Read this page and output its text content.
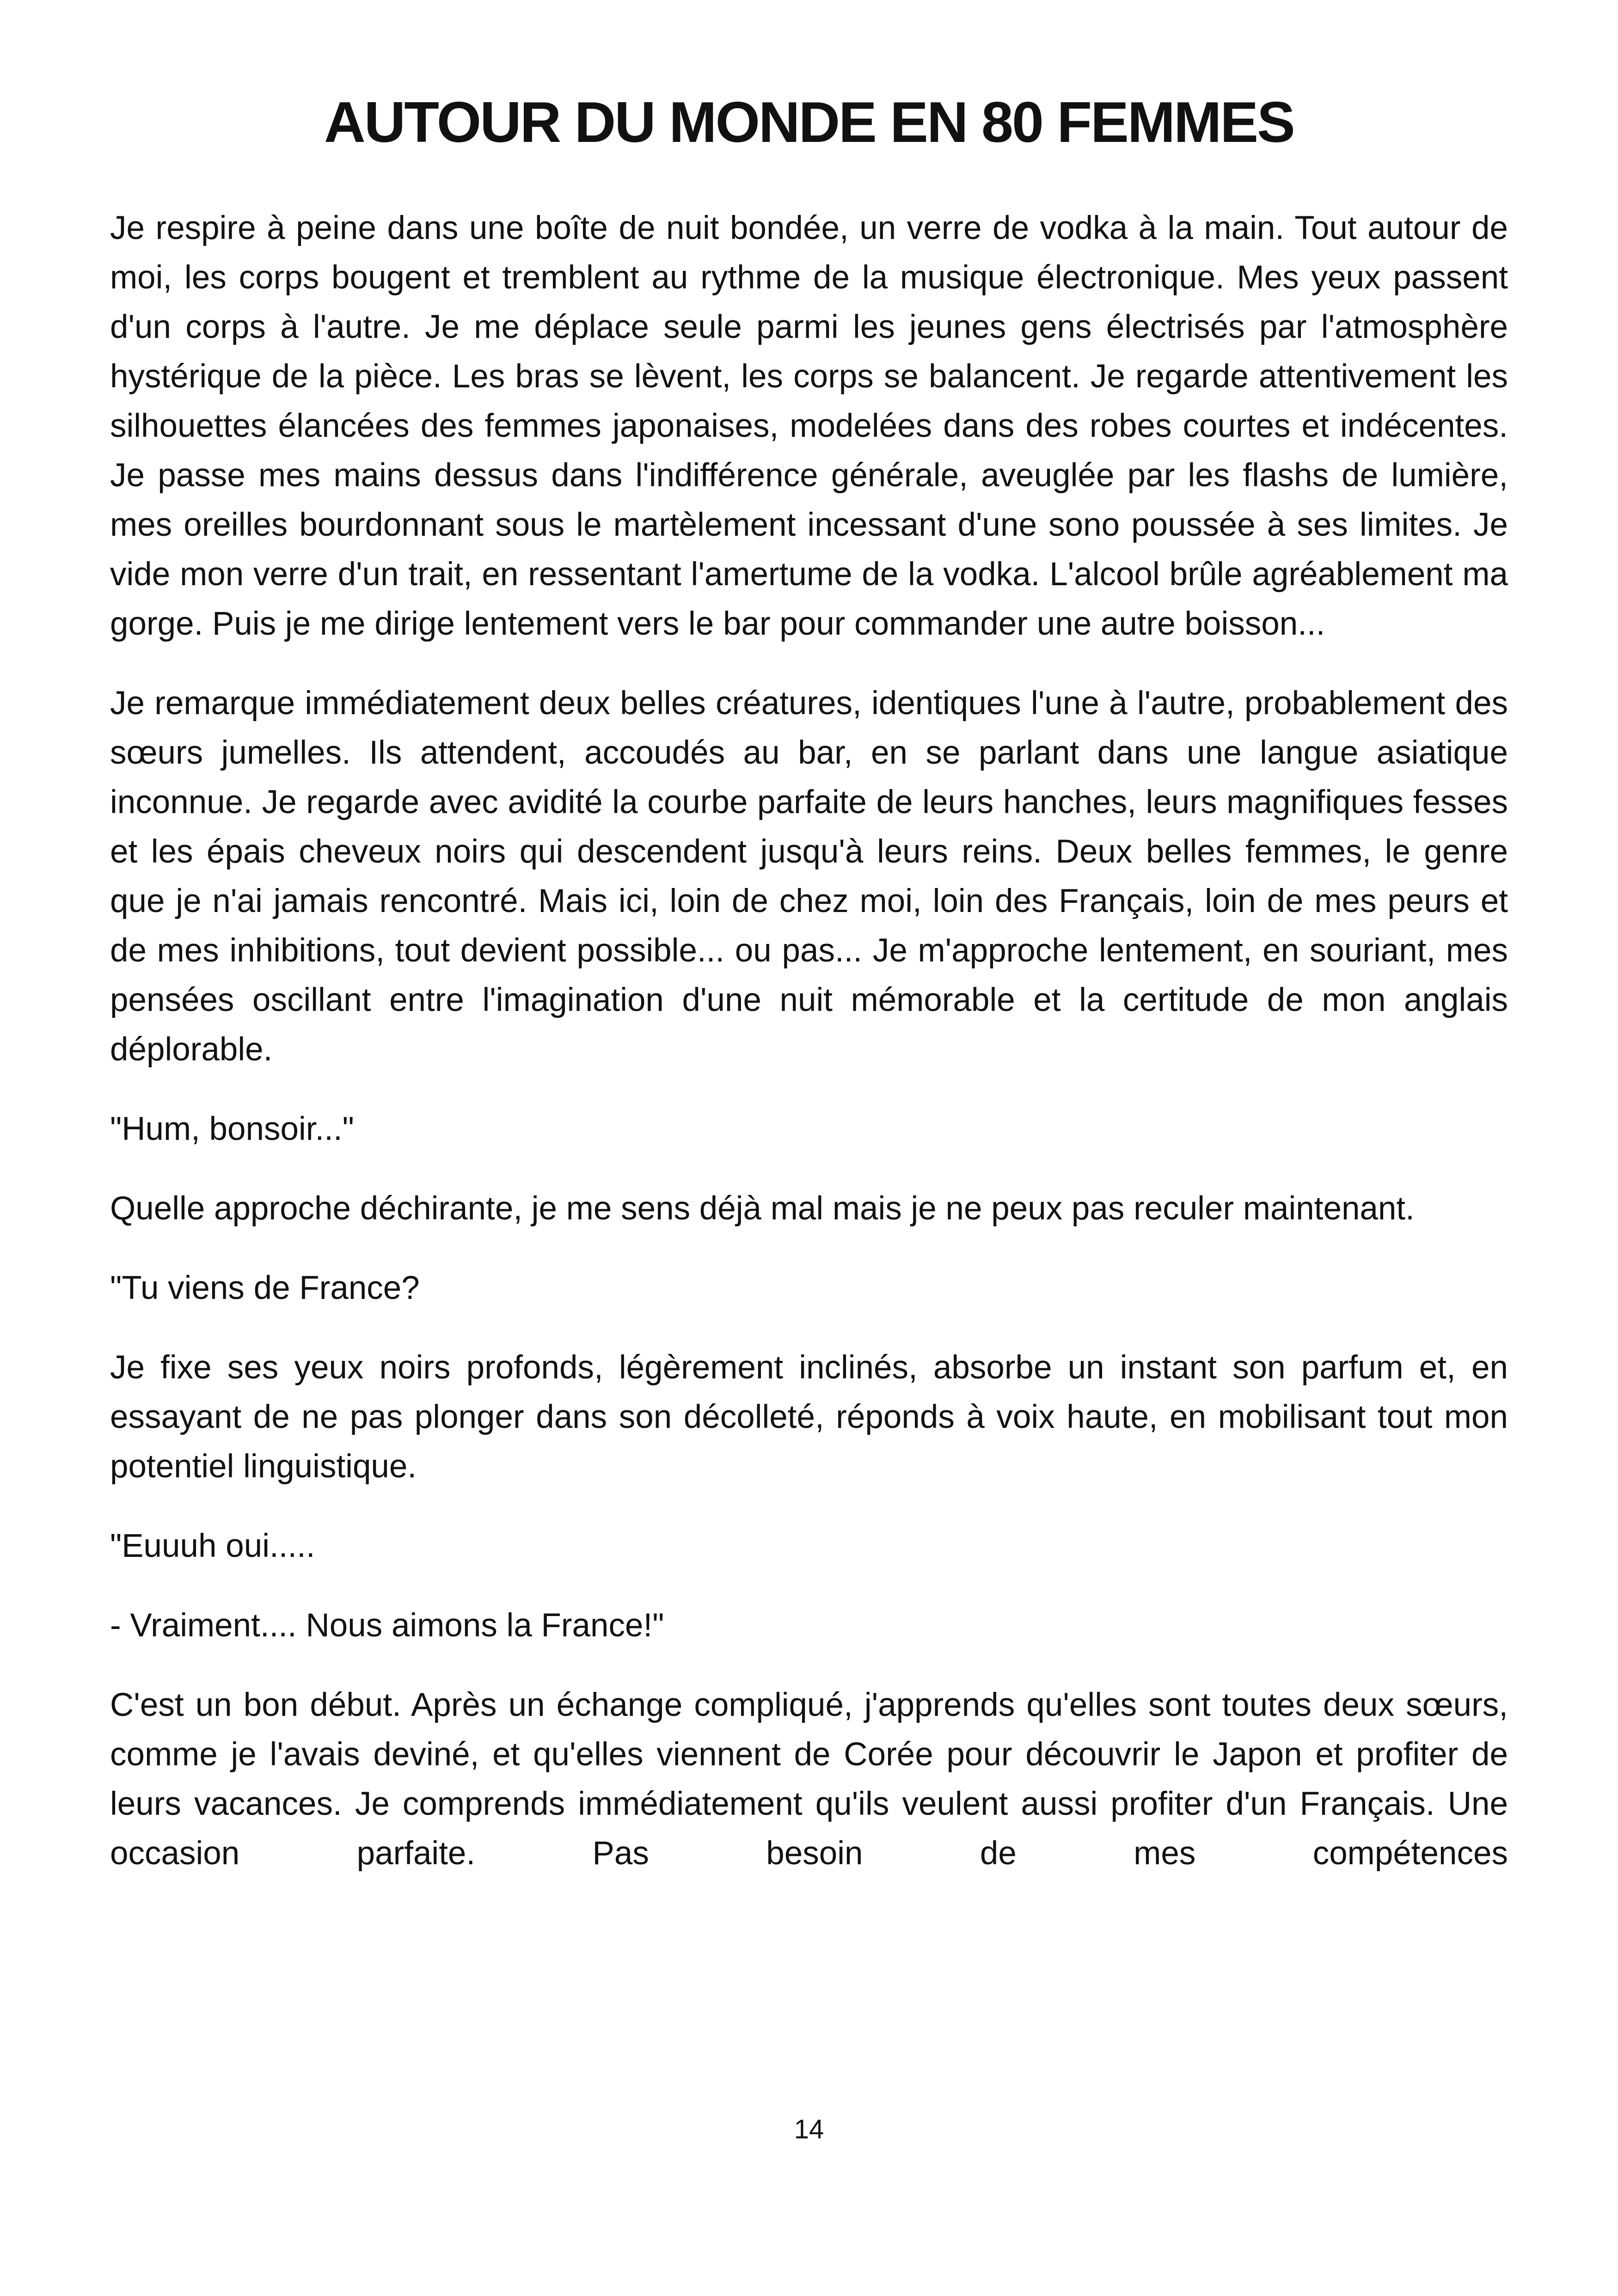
AUTOUR DU MONDE EN 80 FEMMES

Je respire à peine dans une boîte de nuit bondée, un verre de vodka à la main. Tout autour de moi, les corps bougent et tremblent au rythme de la musique électronique. Mes yeux passent d'un corps à l'autre. Je me déplace seule parmi les jeunes gens électrisés par l'atmosphère hystérique de la pièce. Les bras se lèvent, les corps se balancent. Je regarde attentivement les silhouettes élancées des femmes japonaises, modelées dans des robes courtes et indécentes. Je passe mes mains dessus dans l'indifférence générale, aveuglée par les flashs de lumière, mes oreilles bourdonnant sous le martèlement incessant d'une sono poussée à ses limites. Je vide mon verre d'un trait, en ressentant l'amertume de la vodka. L'alcool brûle agréablement ma gorge. Puis je me dirige lentement vers le bar pour commander une autre boisson...

Je remarque immédiatement deux belles créatures, identiques l'une à l'autre, probablement des sœurs jumelles. Ils attendent, accoudés au bar, en se parlant dans une langue asiatique inconnue. Je regarde avec avidité la courbe parfaite de leurs hanches, leurs magnifiques fesses et les épais cheveux noirs qui descendent jusqu'à leurs reins. Deux belles femmes, le genre que je n'ai jamais rencontré. Mais ici, loin de chez moi, loin des Français, loin de mes peurs et de mes inhibitions, tout devient possible... ou pas... Je m'approche lentement, en souriant, mes pensées oscillant entre l'imagination d'une nuit mémorable et la certitude de mon anglais déplorable.

"Hum, bonsoir..."

Quelle approche déchirante, je me sens déjà mal mais je ne peux pas reculer maintenant.

"Tu viens de France?

Je fixe ses yeux noirs profonds, légèrement inclinés, absorbe un instant son parfum et, en essayant de ne pas plonger dans son décolleté, réponds à voix haute, en mobilisant tout mon potentiel linguistique.

"Euuuh oui.....

- Vraiment.... Nous aimons la France!"

C'est un bon début. Après un échange compliqué, j'apprends qu'elles sont toutes deux sœurs, comme je l'avais deviné, et qu'elles viennent de Corée pour découvrir le Japon et profiter de leurs vacances. Je comprends immédiatement qu'ils veulent aussi profiter d'un Français. Une occasion parfaite. Pas besoin de mes compétences

14
